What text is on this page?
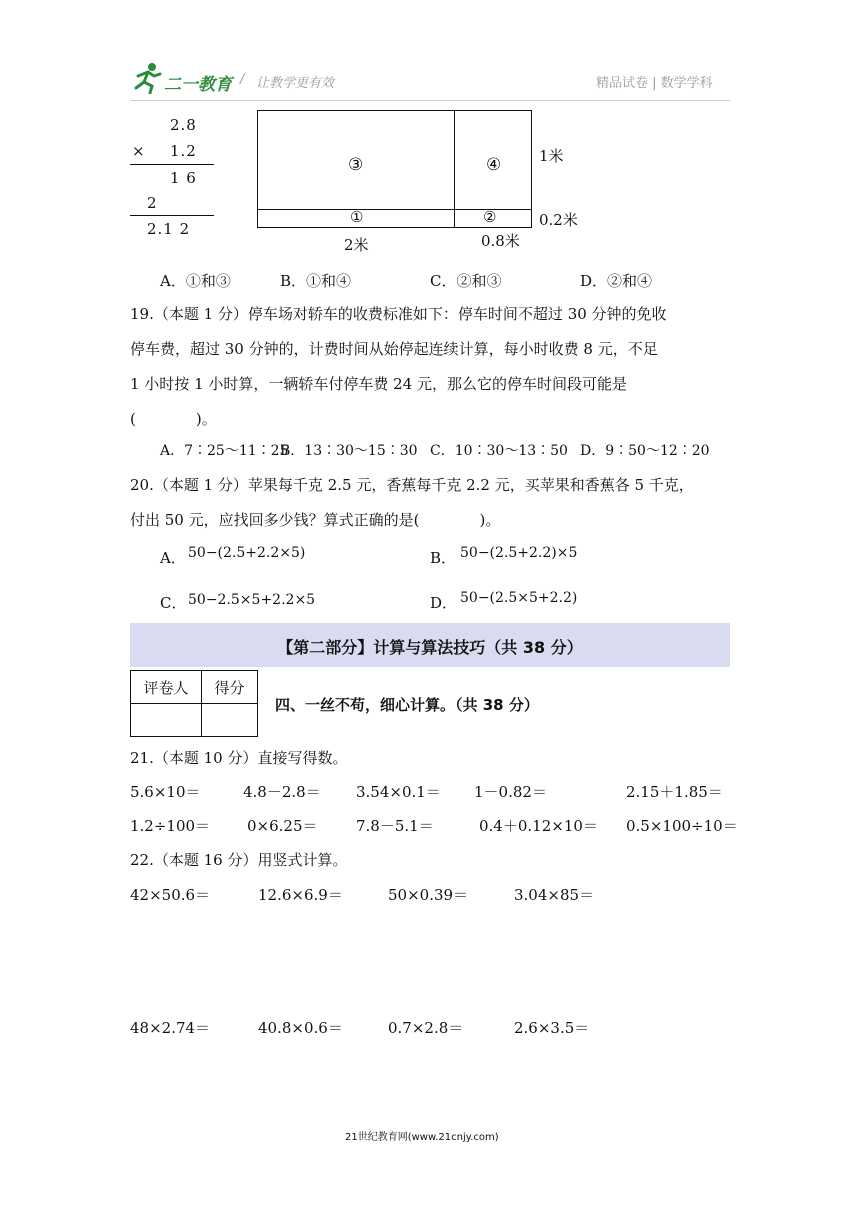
二一教育 / 让教学更有效	精品试卷 | 数学学科
2.8
× 1.2
1 6
2
2.1 2
③	④
①	②
1米
0.2米
2米	0.8米
A．①和③	B．①和④	C．②和③	D．②和④
19.（本题 1 分）停车场对轿车的收费标准如下：停车时间不超过 30 分钟的免收
停车费，超过 30 分钟的，计费时间从始停起连续计算，每小时收费 8 元，不足
1 小时按 1 小时算，一辆轿车付停车费 24 元，那么它的停车时间段可能是
(　　　　)。
A．7∶25～11∶25
B．13∶30～15∶30 C．10∶30～13∶50 D．9∶50～12∶20
20.（本题 1 分）苹果每千克 2.5 元，香蕉每千克 2.2 元，买苹果和香蕉各 5 千克，
付出 50 元，应找回多少钱？算式正确的是(　　　　)。
A． 50−(2.5+2.2×5)	B． 50−(2.5+2.2)×5
C． 50−2.5×5+2.2×5	D． 50−(2.5×5+2.2)
【第二部分】计算与算法技巧（共 38 分）
评卷人	得分

四、一丝不苟，细心计算。（共 38 分）
21.（本题 10 分）直接写得数。
5.6×10＝	4.8－2.8＝ 3.54×0.1＝ 1－0.82＝	2.15＋1.85＝
1.2÷100＝ 0×6.25＝	7.8－5.1＝	0.4＋0.12×10＝ 0.5×100÷10＝
22.（本题 16 分）用竖式计算。
42×50.6＝	12.6×6.9＝	50×0.39＝	3.04×85＝
48×2.74＝	40.8×0.6＝	0.7×2.8＝	2.6×3.5＝
21世纪教育网(www.21cnjy.com)
